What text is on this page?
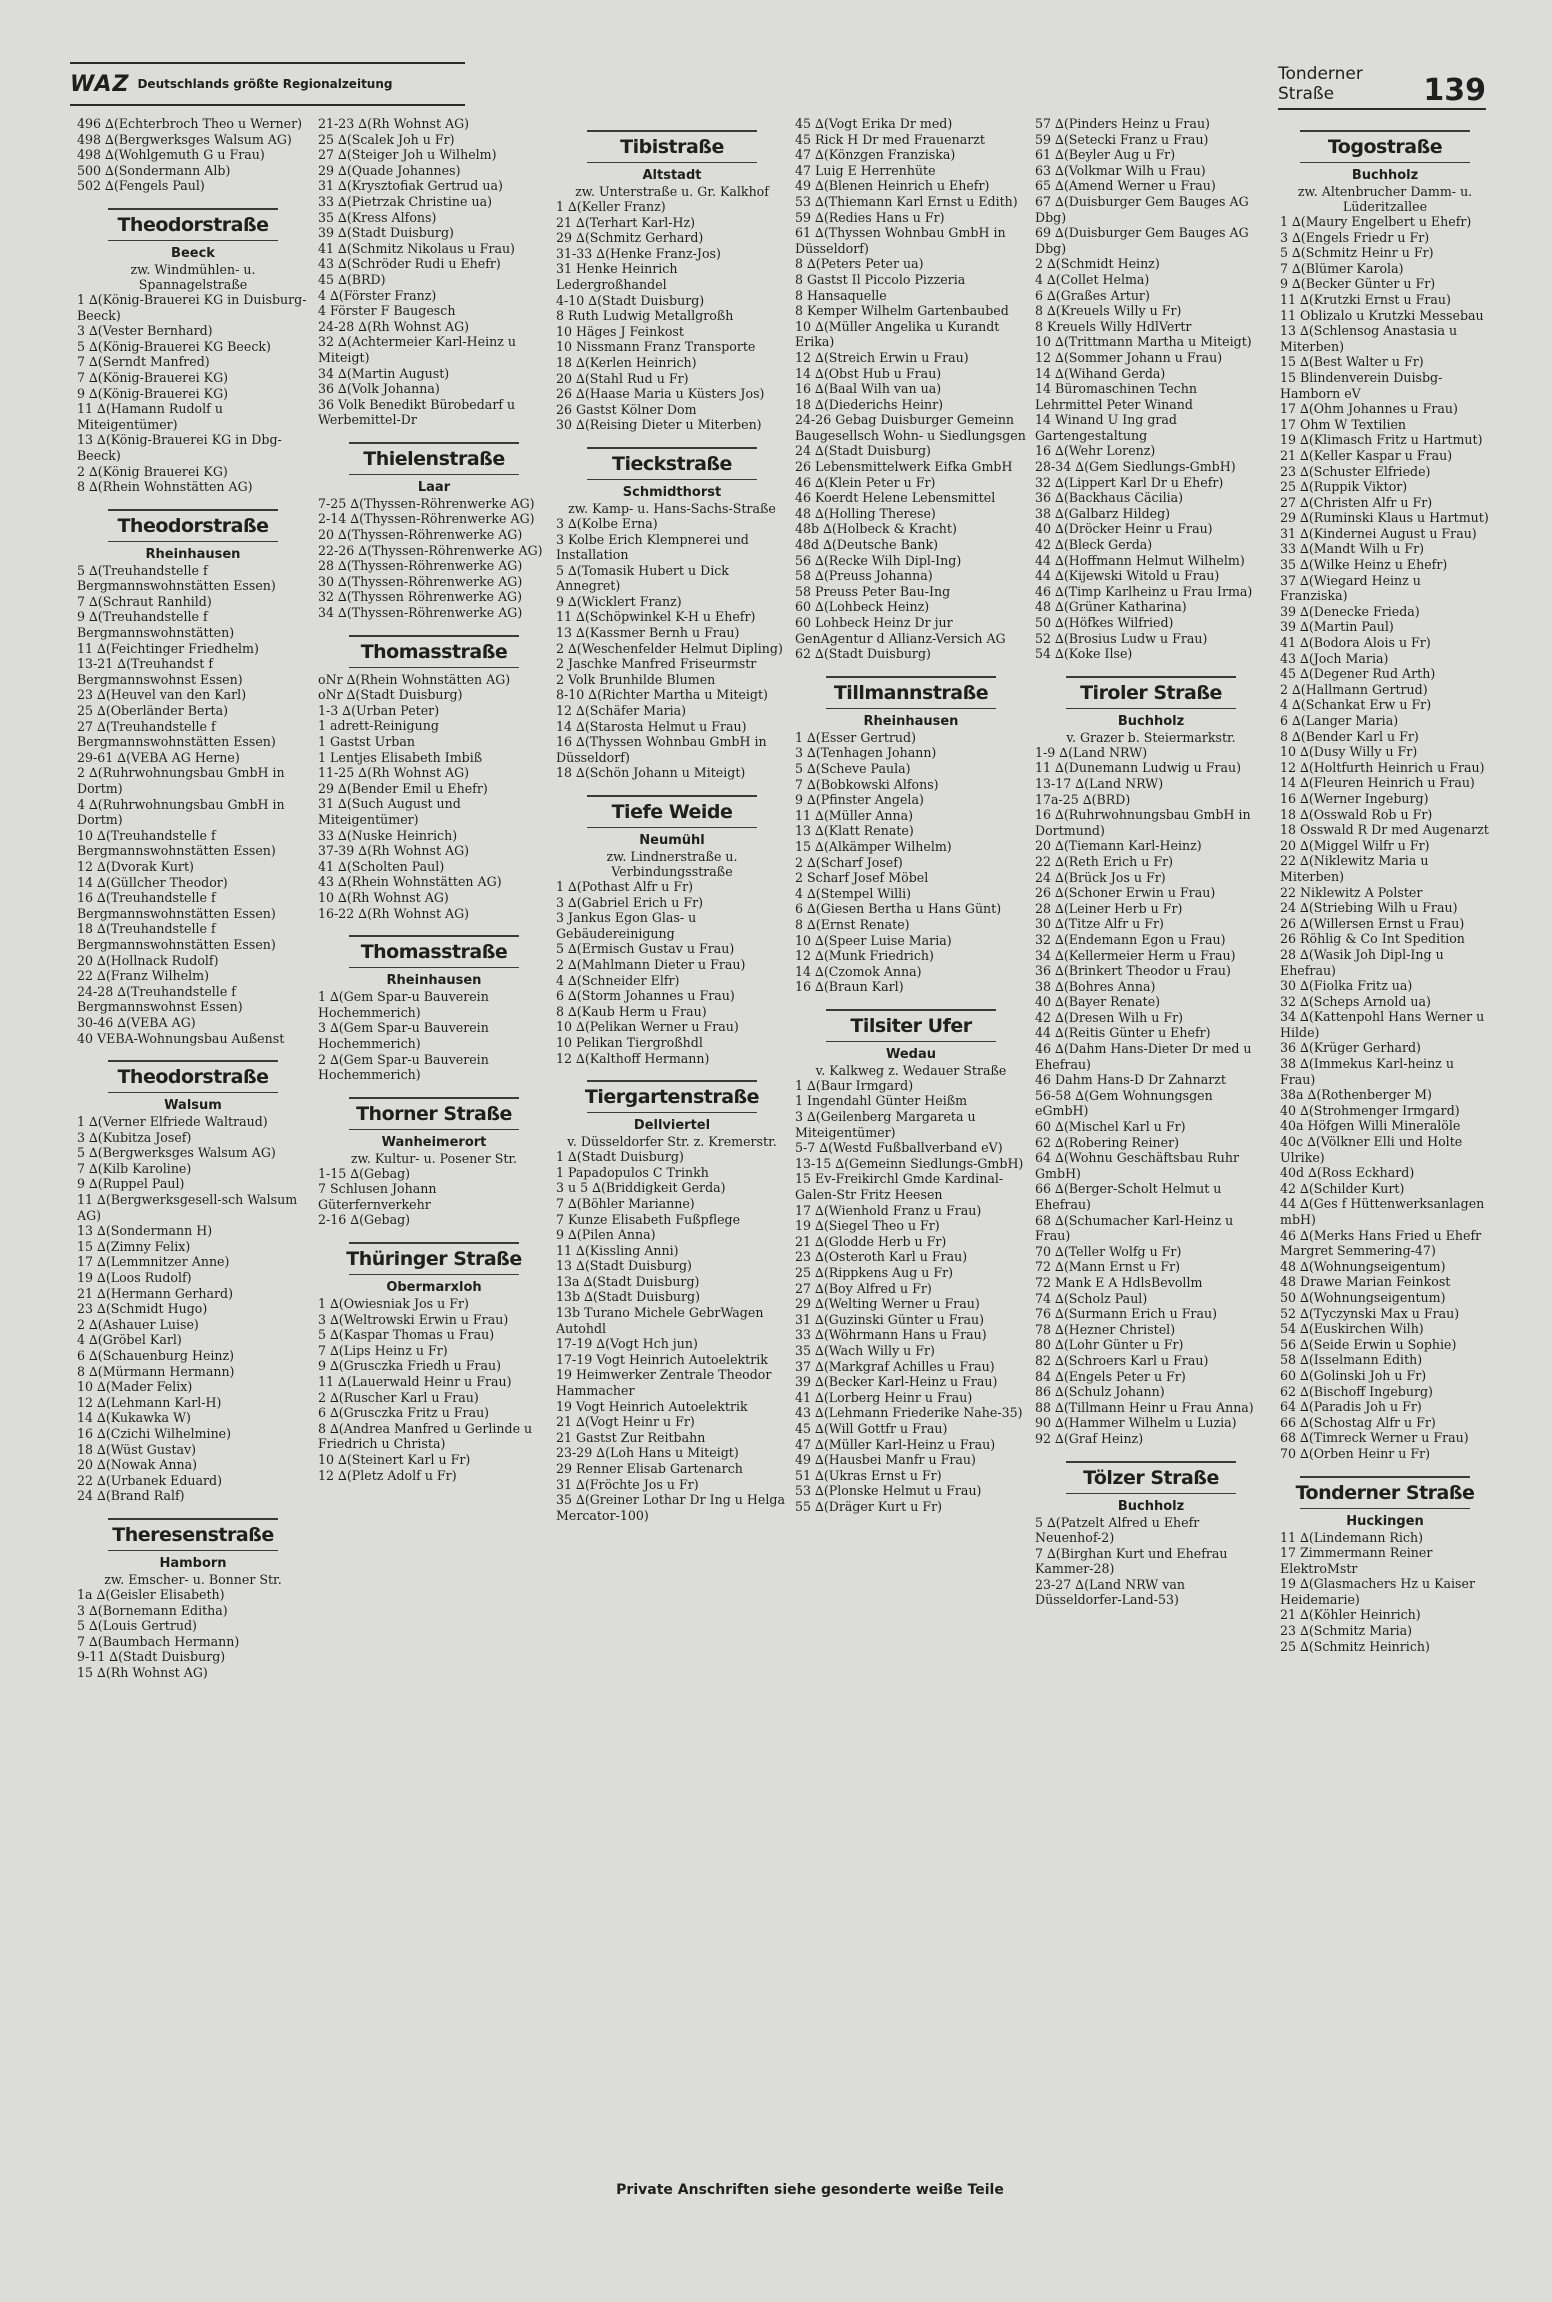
WAZ Deutschlands größte Regionalzeitung	Tonderner Straße	139
496 ∆(Echterbroch Theo u Werner)
498 ∆(Bergwerksges Walsum AG)
498 ∆(Wohlgemuth G u Frau)
500 ∆(Sondermann Alb)
502 ∆(Fengels Paul)
Theodorstraße
Beeck
zw. Windmühlen- u. Spannagelstraße
1 ∆(König-Brauerei KG in Duisburg-Beeck)
3 ∆(Vester Bernhard)
5 ∆(König-Brauerei KG Beeck)
7 ∆(Serndt Manfred)
7 ∆(König-Brauerei KG)
9 ∆(König-Brauerei KG)
11 ∆(Hamann Rudolf u Miteigentümer)
13 ∆(König-Brauerei KG in Dbg-Beeck)
2 ∆(König Brauerei KG)
8 ∆(Rhein Wohnstätten AG)
Theodorstraße
Rheinhausen
5 ∆(Treuhandstelle f Bergmannswohnstätten Essen)
7 ∆(Schraut Ranhild)
9 ∆(Treuhandstelle f Bergmannswohnstätten)
11 ∆(Feichtinger Friedhelm)
13-21 ∆(Treuhandst f Bergmannswohnst Essen)
23 ∆(Heuvel van den Karl)
25 ∆(Oberländer Berta)
27 ∆(Treuhandstelle f Bergmannswohnstätten Essen)
29-61 ∆(VEBA AG Herne)
2 ∆(Ruhrwohnungsbau GmbH in Dortm)
4 ∆(Ruhrwohnungsbau GmbH in Dortm)
10 ∆(Treuhandstelle f Bergmannswohnstätten Essen)
12 ∆(Dvorak Kurt)
14 ∆(Güllcher Theodor)
16 ∆(Treuhandstelle f Bergmannswohnstätten Essen)
18 ∆(Treuhandstelle f Bergmannswohnstätten Essen)
20 ∆(Hollnack Rudolf)
22 ∆(Franz Wilhelm)
24-28 ∆(Treuhandstelle f Bergmannswohnst Essen)
30-46 ∆(VEBA AG)
40 VEBA-Wohnungsbau Außenst
Theodorstraße
Walsum
1 ∆(Verner Elfriede Waltraud)
3 ∆(Kubitza Josef)
5 ∆(Bergwerksges Walsum AG)
7 ∆(Kilb Karoline)
9 ∆(Ruppel Paul)
11 ∆(Bergwerksgesell-sch Walsum AG)
13 ∆(Sondermann H)
15 ∆(Zimny Felix)
17 ∆(Lemmnitzer Anne)
19 ∆(Loos Rudolf)
21 ∆(Hermann Gerhard)
23 ∆(Schmidt Hugo)
2 ∆(Ashauer Luise)
4 ∆(Gröbel Karl)
6 ∆(Schauenburg Heinz)
8 ∆(Mürmann Hermann)
10 ∆(Mader Felix)
12 ∆(Lehmann Karl-H)
14 ∆(Kukawka W)
16 ∆(Czichi Wilhelmine)
18 ∆(Wüst Gustav)
20 ∆(Nowak Anna)
22 ∆(Urbanek Eduard)
24 ∆(Brand Ralf)
Theresenstraße
Hamborn
zw. Emscher- u. Bonner Str.
1a ∆(Geisler Elisabeth)
3 ∆(Bornemann Editha)
5 ∆(Louis Gertrud)
7 ∆(Baumbach Hermann)
9-11 ∆(Stadt Duisburg)
15 ∆(Rh Wohnst AG)
21-23 ∆(Rh Wohnst AG)
25 ∆(Scalek Joh u Fr)
27 ∆(Steiger Joh u Wilhelm)
29 ∆(Quade Johannes)
31 ∆(Krysztofiak Gertrud ua)
33 ∆(Pietrzak Christine ua)
35 ∆(Kress Alfons)
39 ∆(Stadt Duisburg)
41 ∆(Schmitz Nikolaus u Frau)
43 ∆(Schröder Rudi u Ehefr)
45 ∆(BRD)
4 ∆(Förster Franz)
4 Förster F Baugesch
24-28 ∆(Rh Wohnst AG)
32 ∆(Achtermeier Karl-Heinz u Miteigt)
34 ∆(Martin August)
36 ∆(Volk Johanna)
36 Volk Benedikt Bürobedarf u Werbemittel-Dr
Thielenstraße
Laar
7-25 ∆(Thyssen-Röhrenwerke AG)
2-14 ∆(Thyssen-Röhrenwerke AG)
20 ∆(Thyssen-Röhrenwerke AG)
22-26 ∆(Thyssen-Röhrenwerke AG)
28 ∆(Thyssen-Röhrenwerke AG)
30 ∆(Thyssen-Röhrenwerke AG)
32 ∆(Thyssen Röhrenwerke AG)
34 ∆(Thyssen-Röhrenwerke AG)
Thomasstraße
oNr ∆(Rhein Wohnstätten AG)
oNr ∆(Stadt Duisburg)
1-3 ∆(Urban Peter)
1 adrett-Reinigung
1 Gastst Urban
1 Lentjes Elisabeth Imbiß
11-25 ∆(Rh Wohnst AG)
29 ∆(Bender Emil u Ehefr)
31 ∆(Such August und Miteigentümer)
33 ∆(Nuske Heinrich)
37-39 ∆(Rh Wohnst AG)
41 ∆(Scholten Paul)
43 ∆(Rhein Wohnstätten AG)
10 ∆(Rh Wohnst AG)
16-22 ∆(Rh Wohnst AG)
Thomasstraße
Rheinhausen
1 ∆(Gem Spar-u Bauverein Hochemmerich)
3 ∆(Gem Spar-u Bauverein Hochemmerich)
2 ∆(Gem Spar-u Bauverein Hochemmerich)
Thorner Straße
Wanheimerort
zw. Kultur- u. Posener Str.
1-15 ∆(Gebag)
7 Schlusen Johann Güterfernverkehr
2-16 ∆(Gebag)
Thüringer Straße
Obermarxloh
1 ∆(Owiesniak Jos u Fr)
3 ∆(Weltrowski Erwin u Frau)
5 ∆(Kaspar Thomas u Frau)
7 ∆(Lips Heinz u Fr)
9 ∆(Grusczka Friedh u Frau)
11 ∆(Lauerwald Heinr u Frau)
2 ∆(Ruscher Karl u Frau)
6 ∆(Grusczka Fritz u Frau)
8 ∆(Andrea Manfred u Gerlinde u Friedrich u Christa)
10 ∆(Steinert Karl u Fr)
12 ∆(Pletz Adolf u Fr)
Tibistraße
Altstadt
zw. Unterstraße u. Gr. Kalkhof
1 ∆(Keller Franz)
21 ∆(Terhart Karl-Hz)
29 ∆(Schmitz Gerhard)
31-33 ∆(Henke Franz-Jos)
31 Henke Heinrich Ledergroßhandel
4-10 ∆(Stadt Duisburg)
8 Ruth Ludwig Metallgroßh
10 Häges J Feinkost
10 Nissmann Franz Transporte
18 ∆(Kerlen Heinrich)
20 ∆(Stahl Rud u Fr)
26 ∆(Haase Maria u Küsters Jos)
26 Gastst Kölner Dom
30 ∆(Reising Dieter u Miterben)
Tieckstraße
Schmidthorst
zw. Kamp- u. Hans-Sachs-Straße
3 ∆(Kolbe Erna)
3 Kolbe Erich Klempnerei und Installation
5 ∆(Tomasik Hubert u Dick Annegret)
9 ∆(Wicklert Franz)
11 ∆(Schöpwinkel K-H u Ehefr)
13 ∆(Kassmer Bernh u Frau)
2 ∆(Weschenfelder Helmut Dipling)
2 Jaschke Manfred Friseurmstr
2 Volk Brunhilde Blumen
8-10 ∆(Richter Martha u Miteigt)
12 ∆(Schäfer Maria)
14 ∆(Starosta Helmut u Frau)
16 ∆(Thyssen Wohnbau GmbH in Düsseldorf)
18 ∆(Schön Johann u Miteigt)
Tiefe Weide
Neumühl
zw. Lindnerstraße u. Verbindungsstraße
1 ∆(Pothast Alfr u Fr)
3 ∆(Gabriel Erich u Fr)
3 Jankus Egon Glas- u Gebäudereinigung
5 ∆(Ermisch Gustav u Frau)
2 ∆(Mahlmann Dieter u Frau)
4 ∆(Schneider Elfr)
6 ∆(Storm Johannes u Frau)
8 ∆(Kaub Herm u Frau)
10 ∆(Pelikan Werner u Frau)
10 Pelikan Tiergroßhdl
12 ∆(Kalthoff Hermann)
Tiergartenstraße
Dellviertel
v. Düsseldorfer Str. z. Kremerstr.
1 ∆(Stadt Duisburg)
1 Papadopulos C Trinkh
3 u 5 ∆(Briddigkeit Gerda)
7 ∆(Böhler Marianne)
7 Kunze Elisabeth Fußpflege
9 ∆(Pilen Anna)
11 ∆(Kissling Anni)
13 ∆(Stadt Duisburg)
13a ∆(Stadt Duisburg)
13b ∆(Stadt Duisburg)
13b Turano Michele GebrWagen Autohdl
17-19 ∆(Vogt Hch jun)
17-19 Vogt Heinrich Autoelektrik
19 Heimwerker Zentrale Theodor Hammacher
19 Vogt Heinrich Autoelektrik
21 ∆(Vogt Heinr u Fr)
21 Gastst Zur Reitbahn
23-29 ∆(Loh Hans u Miteigt)
29 Renner Elisab Gartenarch
31 ∆(Fröchte Jos u Fr)
35 ∆(Greiner Lothar Dr Ing u Helga Mercator-100)
45 ∆(Vogt Erika Dr med)
45 Rick H Dr med Frauenarzt
47 ∆(Könzgen Franziska)
47 Luig E Herrenhüte
49 ∆(Blenen Heinrich u Ehefr)
53 ∆(Thiemann Karl Ernst u Edith)
59 ∆(Redies Hans u Fr)
61 ∆(Thyssen Wohnbau GmbH in Düsseldorf)
8 ∆(Peters Peter ua)
8 Gastst Il Piccolo Pizzeria
8 Hansaquelle
8 Kemper Wilhelm Gartenbaubed
10 ∆(Müller Angelika u Kurandt Erika)
12 ∆(Streich Erwin u Frau)
14 ∆(Obst Hub u Frau)
16 ∆(Baal Wilh van ua)
18 ∆(Diederichs Heinr)
24-26 Gebag Duisburger Gemeinn Baugesellsch Wohn- u Siedlungsgen
24 ∆(Stadt Duisburg)
26 Lebensmittelwerk Eifka GmbH
46 ∆(Klein Peter u Fr)
46 Koerdt Helene Lebensmittel
48 ∆(Holling Therese)
48b ∆(Holbeck & Kracht)
48d ∆(Deutsche Bank)
56 ∆(Recke Wilh Dipl-Ing)
58 ∆(Preuss Johanna)
58 Preuss Peter Bau-Ing
60 ∆(Lohbeck Heinz)
60 Lohbeck Heinz Dr jur GenAgentur d Allianz-Versich AG
62 ∆(Stadt Duisburg)
Tillmannstraße
Rheinhausen
1 ∆(Esser Gertrud)
3 ∆(Tenhagen Johann)
5 ∆(Scheve Paula)
7 ∆(Bobkowski Alfons)
9 ∆(Pfinster Angela)
11 ∆(Müller Anna)
13 ∆(Klatt Renate)
15 ∆(Alkämper Wilhelm)
2 ∆(Scharf Josef)
2 Scharf Josef Möbel
4 ∆(Stempel Willi)
6 ∆(Giesen Bertha u Hans Günt)
8 ∆(Ernst Renate)
10 ∆(Speer Luise Maria)
12 ∆(Munk Friedrich)
14 ∆(Czomok Anna)
16 ∆(Braun Karl)
Tilsiter Ufer
Wedau
v. Kalkweg z. Wedauer Straße
1 ∆(Baur Irmgard)
1 Ingendahl Günter Heißm
3 ∆(Geilenberg Margareta u Miteigentümer)
5-7 ∆(Westd Fußballverband eV)
13-15 ∆(Gemeinn Siedlungs-GmbH)
15 Ev-Freikirchl Gmde Kardinal-Galen-Str Fritz Heesen
17 ∆(Wienhold Franz u Frau)
19 ∆(Siegel Theo u Fr)
21 ∆(Glodde Herb u Fr)
23 ∆(Osteroth Karl u Frau)
25 ∆(Rippkens Aug u Fr)
27 ∆(Boy Alfred u Fr)
29 ∆(Welting Werner u Frau)
31 ∆(Guzinski Günter u Frau)
33 ∆(Wöhrmann Hans u Frau)
35 ∆(Wach Willy u Fr)
37 ∆(Markgraf Achilles u Frau)
39 ∆(Becker Karl-Heinz u Frau)
41 ∆(Lorberg Heinr u Frau)
43 ∆(Lehmann Friederike Nahe-35)
45 ∆(Will Gottfr u Frau)
47 ∆(Müller Karl-Heinz u Frau)
49 ∆(Hausbei Manfr u Frau)
51 ∆(Ukras Ernst u Fr)
53 ∆(Plonske Helmut u Frau)
55 ∆(Dräger Kurt u Fr)
57 ∆(Pinders Heinz u Frau)
59 ∆(Setecki Franz u Frau)
61 ∆(Beyler Aug u Fr)
63 ∆(Volkmar Wilh u Frau)
65 ∆(Amend Werner u Frau)
67 ∆(Duisburger Gem Bauges AG Dbg)
69 ∆(Duisburger Gem Bauges AG Dbg)
2 ∆(Schmidt Heinz)
4 ∆(Collet Helma)
6 ∆(Graßes Artur)
8 ∆(Kreuels Willy u Fr)
8 Kreuels Willy HdlVertr
10 ∆(Trittmann Martha u Miteigt)
12 ∆(Sommer Johann u Frau)
14 ∆(Wihand Gerda)
14 Büromaschinen Techn Lehrmittel Peter Winand
14 Winand U Ing grad Gartengestaltung
16 ∆(Wehr Lorenz)
28-34 ∆(Gem Siedlungs-GmbH)
32 ∆(Lippert Karl Dr u Ehefr)
36 ∆(Backhaus Cäcilia)
38 ∆(Galbarz Hildeg)
40 ∆(Dröcker Heinr u Frau)
42 ∆(Bleck Gerda)
44 ∆(Hoffmann Helmut Wilhelm)
44 ∆(Kijewski Witold u Frau)
46 ∆(Timp Karlheinz u Frau Irma)
48 ∆(Grüner Katharina)
50 ∆(Höfkes Wilfried)
52 ∆(Brosius Ludw u Frau)
54 ∆(Koke Ilse)
Tiroler Straße
Buchholz
v. Grazer b. Steiermarkstr.
1-9 ∆(Land NRW)
11 ∆(Dunemann Ludwig u Frau)
13-17 ∆(Land NRW)
17a-25 ∆(BRD)
16 ∆(Ruhrwohnungsbau GmbH in Dortmund)
20 ∆(Tiemann Karl-Heinz)
22 ∆(Reth Erich u Fr)
24 ∆(Brück Jos u Fr)
26 ∆(Schoner Erwin u Frau)
28 ∆(Leiner Herb u Fr)
30 ∆(Titze Alfr u Fr)
32 ∆(Endemann Egon u Frau)
34 ∆(Kellermeier Herm u Frau)
36 ∆(Brinkert Theodor u Frau)
38 ∆(Bohres Anna)
40 ∆(Bayer Renate)
42 ∆(Dresen Wilh u Fr)
44 ∆(Reitis Günter u Ehefr)
46 ∆(Dahm Hans-Dieter Dr med u Ehefrau)
46 Dahm Hans-D Dr Zahnarzt
56-58 ∆(Gem Wohnungsgen eGmbH)
60 ∆(Mischel Karl u Fr)
62 ∆(Robering Reiner)
64 ∆(Wohnu Geschäftsbau Ruhr GmbH)
66 ∆(Berger-Scholt Helmut u Ehefrau)
68 ∆(Schumacher Karl-Heinz u Frau)
70 ∆(Teller Wolfg u Fr)
72 ∆(Mann Ernst u Fr)
72 Mank E A HdlsBevollm
74 ∆(Scholz Paul)
76 ∆(Surmann Erich u Frau)
78 ∆(Hezner Christel)
80 ∆(Lohr Günter u Fr)
82 ∆(Schroers Karl u Frau)
84 ∆(Engels Peter u Fr)
86 ∆(Schulz Johann)
88 ∆(Tillmann Heinr u Frau Anna)
90 ∆(Hammer Wilhelm u Luzia)
92 ∆(Graf Heinz)
Tölzer Straße
Buchholz
5 ∆(Patzelt Alfred u Ehefr Neuenhof-2)
7 ∆(Birghan Kurt und Ehefrau Kammer-28)
23-27 ∆(Land NRW van Düsseldorfer-Land-53)
Togostraße
Buchholz
zw. Altenbrucher Damm- u. Lüderitzallee
1 ∆(Maury Engelbert u Ehefr)
3 ∆(Engels Friedr u Fr)
5 ∆(Schmitz Heinr u Fr)
7 ∆(Blümer Karola)
9 ∆(Becker Günter u Fr)
11 ∆(Krutzki Ernst u Frau)
11 Oblizalo u Krutzki Messebau
13 ∆(Schlensog Anastasia u Miterben)
15 ∆(Best Walter u Fr)
15 Blindenverein Duisbg-Hamborn eV
17 ∆(Ohm Johannes u Frau)
17 Ohm W Textilien
19 ∆(Klimasch Fritz u Hartmut)
21 ∆(Keller Kaspar u Frau)
23 ∆(Schuster Elfriede)
25 ∆(Ruppik Viktor)
27 ∆(Christen Alfr u Fr)
29 ∆(Ruminski Klaus u Hartmut)
31 ∆(Kindernei August u Frau)
33 ∆(Mandt Wilh u Fr)
35 ∆(Wilke Heinz u Ehefr)
37 ∆(Wiegard Heinz u Franziska)
39 ∆(Denecke Frieda)
39 ∆(Martin Paul)
41 ∆(Bodora Alois u Fr)
43 ∆(Joch Maria)
45 ∆(Degener Rud Arth)
2 ∆(Hallmann Gertrud)
4 ∆(Schankat Erw u Fr)
6 ∆(Langer Maria)
8 ∆(Bender Karl u Fr)
10 ∆(Dusy Willy u Fr)
12 ∆(Holtfurth Heinrich u Frau)
14 ∆(Fleuren Heinrich u Frau)
16 ∆(Werner Ingeburg)
18 ∆(Osswald Rob u Fr)
18 Osswald R Dr med Augenarzt
20 ∆(Miggel Wilfr u Fr)
22 ∆(Niklewitz Maria u Miterben)
22 Niklewitz A Polster
24 ∆(Striebing Wilh u Frau)
26 ∆(Willersen Ernst u Frau)
26 Röhlig & Co Int Spedition
28 ∆(Wasik Joh Dipl-Ing u Ehefrau)
30 ∆(Fiolka Fritz ua)
32 ∆(Scheps Arnold ua)
34 ∆(Kattenpohl Hans Werner u Hilde)
36 ∆(Krüger Gerhard)
38 ∆(Immekus Karl-heinz u Frau)
38a ∆(Rothenberger M)
40 ∆(Strohmenger Irmgard)
40a Höfgen Willi Mineralöle
40c ∆(Völkner Elli und Holte Ulrike)
40d ∆(Ross Eckhard)
42 ∆(Schilder Kurt)
44 ∆(Ges f Hüttenwerksanlagen mbH)
46 ∆(Merks Hans Fried u Ehefr Margret Semmering-47)
48 ∆(Wohnungseigentum)
48 Drawe Marian Feinkost
50 ∆(Wohnungseigentum)
52 ∆(Tyczynski Max u Frau)
54 ∆(Euskirchen Wilh)
56 ∆(Seide Erwin u Sophie)
58 ∆(Isselmann Edith)
60 ∆(Golinski Joh u Fr)
62 ∆(Bischoff Ingeburg)
64 ∆(Paradis Joh u Fr)
66 ∆(Schostag Alfr u Fr)
68 ∆(Timreck Werner u Frau)
70 ∆(Orben Heinr u Fr)
Tonderner Straße
Huckingen
11 ∆(Lindemann Rich)
17 Zimmermann Reiner ElektroMstr
19 ∆(Glasmachers Hz u Kaiser Heidemarie)
21 ∆(Köhler Heinrich)
23 ∆(Schmitz Maria)
25 ∆(Schmitz Heinrich)
Private Anschriften siehe gesonderte weiße Teile
